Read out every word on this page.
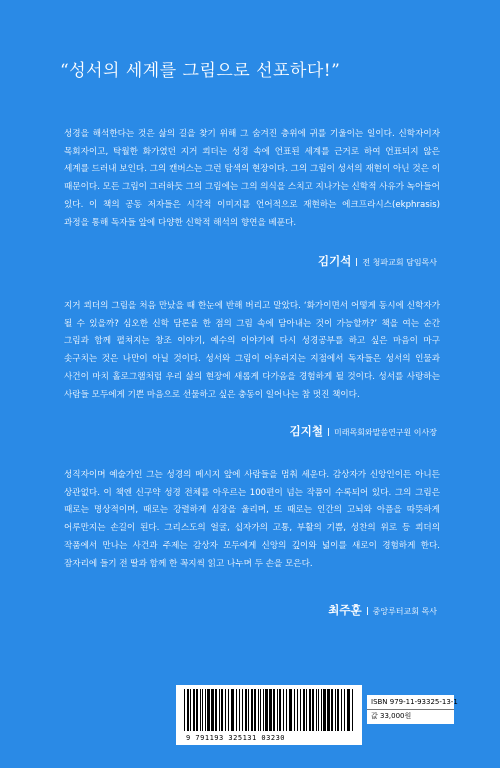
“성서의 세계를 그림으로 선포하다!”
성경을 해석한다는 것은 삶의 길을 찾기 위해 그 숨겨진 층위에 귀를 기울이는 일이다. 신학자이자 목회자이고, 탁월한 화가였던 지거 쾨더는 성경 속에 언표된 세계를 근거로 하여 언표되지 않은 세계를 드러내 보인다. 그의 캔버스는 그런 탐색의 현장이다. 그의 그림이 성서의 재현이 아닌 것은 이 때문이다. 모든 그림이 그러하듯 그의 그림에는 그의 의식을 스치고 지나가는 신학적 사유가 녹아들어 있다. 이 책의 공동 저자들은 시각적 이미지를 언어적으로 재현하는 에크프라시스(ekphrasis) 과정을 통해 독자들 앞에 다양한 신학적 해석의 향연을 베푼다.
김기석 전 청파교회 담임목사
지거 쾨더의 그림을 처음 만났을 때 한눈에 반해 버리고 말았다. ‘화가이면서 어떻게 동시에 신학자가 될 수 있을까? 심오한 신학 담론을 한 점의 그림 속에 담아내는 것이 가능할까?’ 책을 여는 순간 그림과 함께 펼쳐지는 창조 이야기, 예수의 이야기에 다시 성경공부를 하고 싶은 마음이 마구 솟구치는 것은 나만이 아닐 것이다. 성서와 그림이 어우러지는 지점에서 독자들은 성서의 인물과 사건이 마치 홀로그램처럼 우리 삶의 현장에 새롭게 다가옴을 경험하게 될 것이다. 성서를 사랑하는 사람들 모두에게 기쁜 마음으로 선물하고 싶은 충동이 일어나는 참 멋진 책이다.
김지철 미래목회와말씀연구원 이사장
성직자이며 예술가인 그는 성경의 메시지 앞에 사람들을 멈춰 세운다. 감상자가 신앙인이든 아니든 상관없다. 이 책엔 신구약 성경 전체를 아우르는 100편이 넘는 작품이 수록되어 있다. 그의 그림은 때로는 명상적이며, 때로는 강렬하게 심장을 울리며, 또 때로는 인간의 고뇌와 아픔을 따뜻하게 어루만지는 손길이 된다. 그리스도의 얼굴, 십자가의 고통, 부활의 기쁨, 성찬의 위로 등 쾨더의 작품에서 만나는 사건과 주제는 감상자 모두에게 신앙의 깊이와 넓이를 새로이 경험하게 한다. 잠자리에 들기 전 딸과 함께 한 꼭지씩 읽고 나누며 두 손을 모은다.
최주훈 중앙루터교회 목사
9 791193 325131 03230
ISBN 979-11-93325-13-1
값 33,000원
